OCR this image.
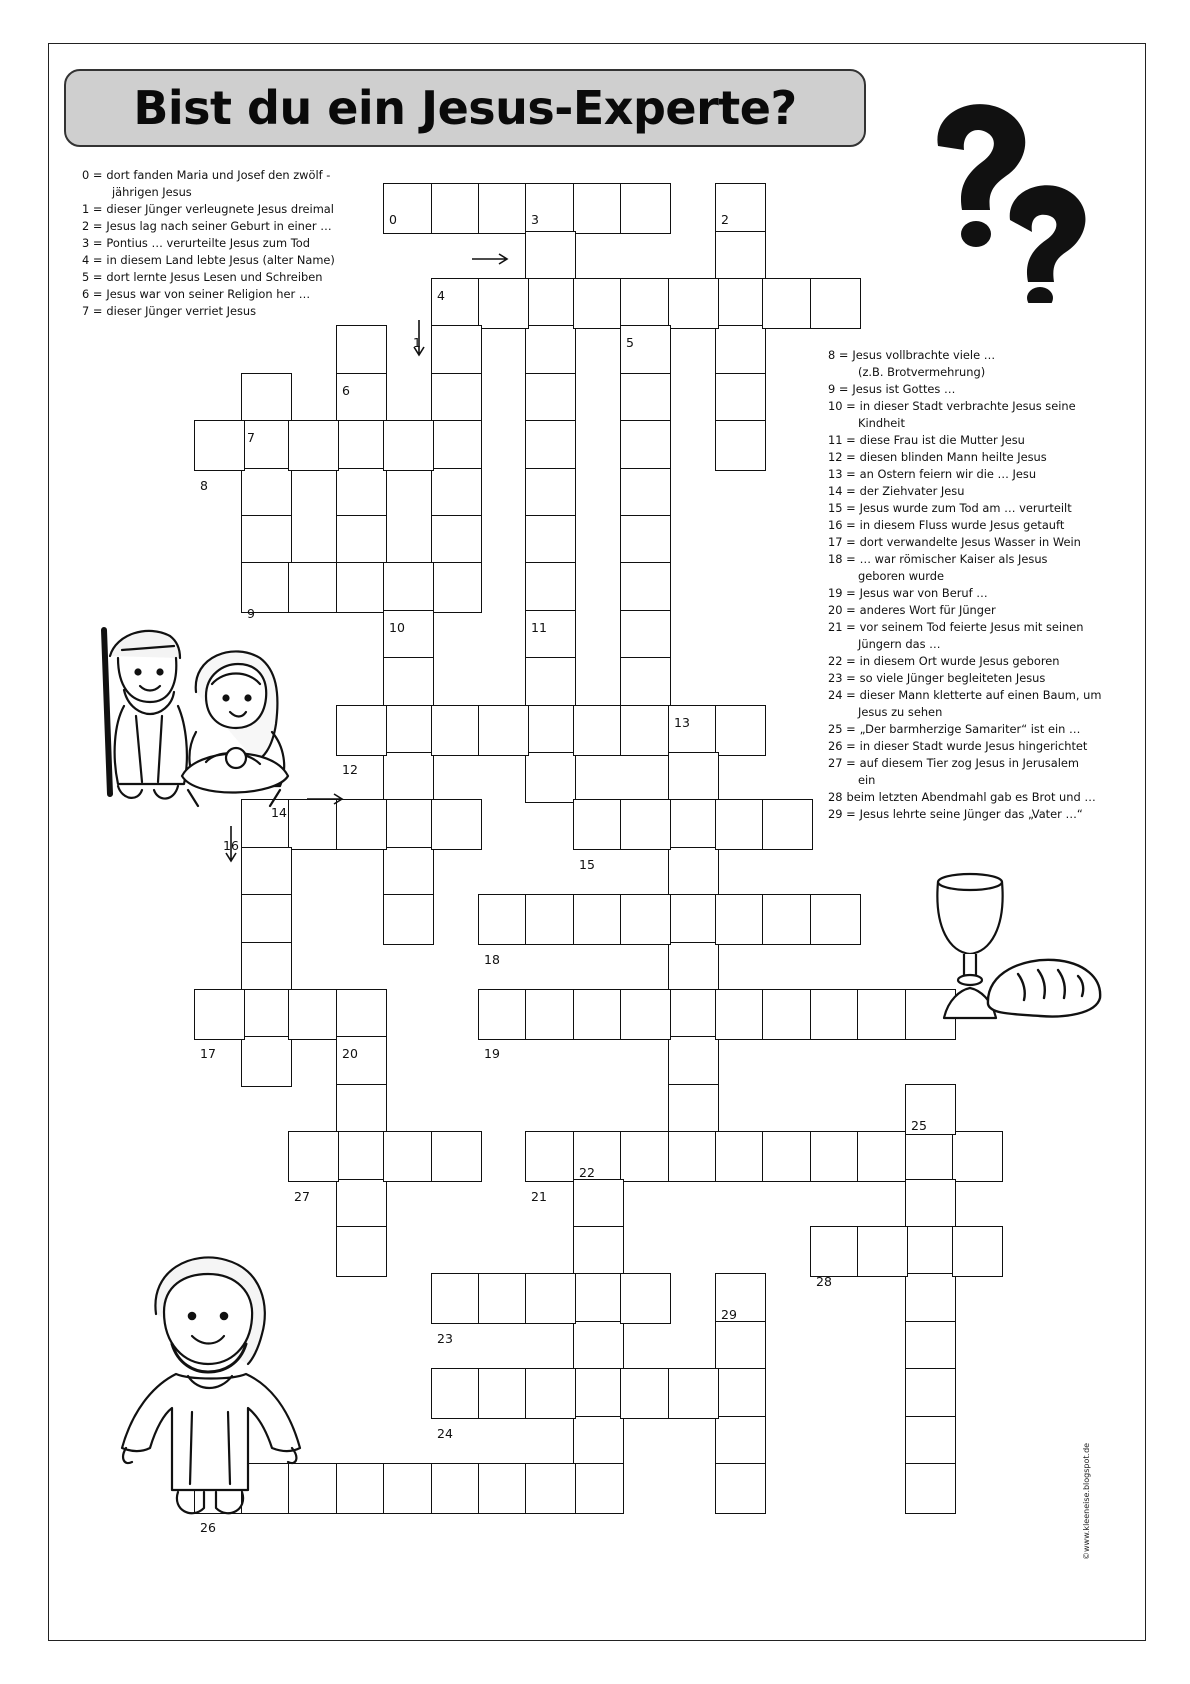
Bist du ein Jesus-Experte?
0 = dort fanden Maria und Josef den zwölf -
jährigen Jesus
1 = dieser Jünger verleugnete Jesus dreimal
2 = Jesus lag nach seiner Geburt in einer …
3 = Pontius … verurteilte Jesus zum Tod
4 = in diesem Land lebte Jesus (alter Name)
5 = dort lernte Jesus Lesen und Schreiben
6 = Jesus war von seiner Religion her …
7 = dieser Jünger verriet Jesus
8 = Jesus vollbrachte viele …
(z.B. Brotvermehrung)
9 = Jesus ist Gottes …
10 = in dieser Stadt verbrachte Jesus seine
Kindheit
11 = diese Frau ist die Mutter Jesu
12 = diesen blinden Mann heilte Jesus
13 = an Ostern feiern wir die … Jesu
14 = der Ziehvater Jesu
15 = Jesus wurde zum Tod am … verurteilt
16 = in diesem Fluss wurde Jesus getauft
17 = dort verwandelte Jesus Wasser in Wein
18 = … war römischer Kaiser als Jesus
geboren wurde
19 = Jesus war von Beruf …
20 = anderes Wort für Jünger
21 = vor seinem Tod feierte Jesus mit seinen
Jüngern das …
22 = in diesem Ort wurde Jesus geboren
23 = so viele Jünger begleiteten Jesus
24 = dieser Mann kletterte auf einen Baum, um
Jesus zu sehen
25 = „Der barmherzige Samariter“ ist ein …
26 = in dieser Stadt wurde Jesus hingerichtet
27 = auf diesem Tier zog Jesus in Jerusalem
ein
28 beim letzten Abendmahl gab es Brot und …
29 = Jesus lehrte seine Jünger das „Vater …“
0
1
2
3
4
5
6
7
8
9
10	11
12
13
14
15
16
17
18
19
20
21
22
23
24
25
26
27
28
29
©www.kleeneise.blogspot.de
